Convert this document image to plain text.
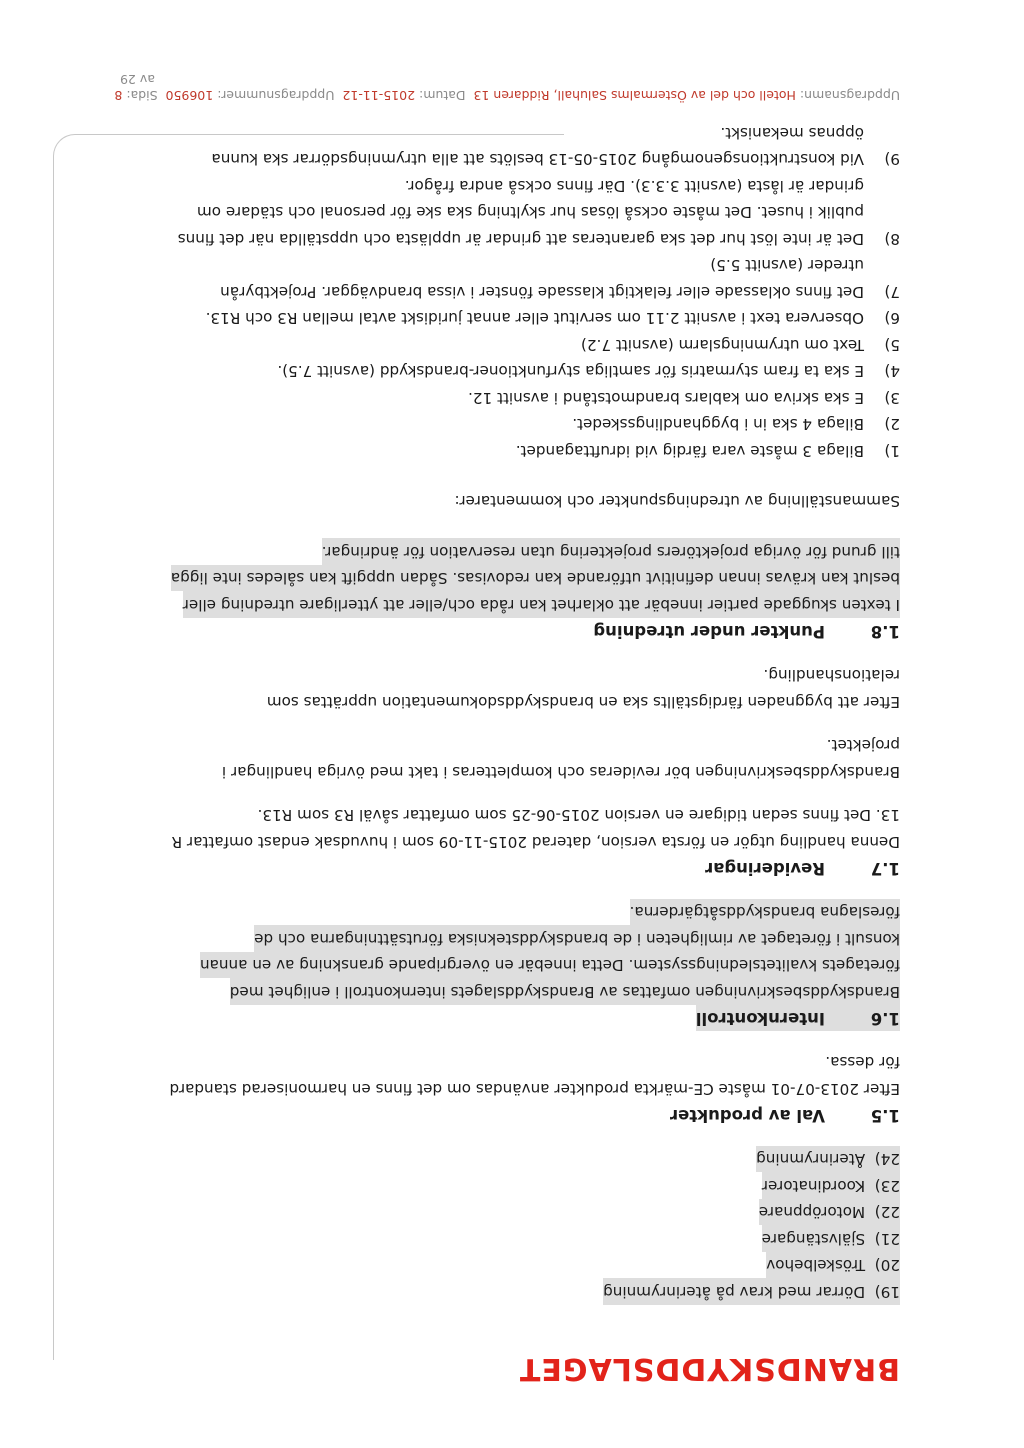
BRANDSKYDDSLAGET
19)  Dörrar med krav på återinrymning
20)  Tröskelbehov
21)  Självstängare
22)  Motoröppnare
23)  Koordinatorer
24)  Återinrymning
1.5
Val av produkter
Efter 2013-07-01 måste CE-märkta produkter användas om det finns en harmoniserad standard för dessa.
1.6
Internkontroll
Brandskyddsbeskrivningen omfattas av Brandskyddslagets internkontroll i enlighet med
företagets kvalitetsledningssystem. Detta innebär en övergripande granskning av en annan
konsult i företaget av rimligheten i de brandskyddstekniska förutsättningarna och de
föreslagna brandskyddsåtgärderna.
1.7
Revideringar
Denna handling utgör en första version, daterad 2015-11-09 som i huvudsak endast omfattar R 13. Det finns sedan tidigare en version 2015-06-25 som omfattar såväl R3 som R13.
Brandskyddsbeskrivningen bör revideras och kompletteras i takt med övriga handlingar i projektet.
Efter att byggnaden färdigställts ska en brandskyddsdokumentation upprättas som relationshandling.
1.8
Punkter under utredning
I texten skuggade partier innebär att oklarhet kan råda och/eller att ytterligare utredning eller
beslut kan krävas innan definitivt utförande kan redovisas. Sådan uppgift kan således inte ligga
till grund för övriga projektörers projektering utan reservation för ändringar.
Sammanställning av utredningspunkter och kommentarer:
1)
Bilaga 3 måste vara färdig vid idrufttagandet.
2)
Bilaga 4 ska in i bygghandlingsskedet.
3)
E ska skriva om kablars brandmotstånd i avsnitt 12.
4)
E ska ta fram styrmatris för samtliga styrfunktioner-brandskydd (avsnitt 7.5).
5)
Text om utrymningslarm (avsnitt 7.2)
6)
Observera text i avsnitt 2.11 om servitut eller annat juridiskt avtal mellan R3 och R13.
7)
Det finns oklassade eller felaktigt klassade fönster i vissa brandväggar. Projektbyrån utreder (avsnitt 5.5)
8)
Det är inte löst hur det ska garanteras att grindar är upplästa och uppställda när det finns publik i huset. Det måste också lösas hur skyltning ska ske för personal och städare om grindar är låsta (avsnitt 3.3.3). Där finns också andra frågor.
9)
Vid konstruktionsgenomgång 2015-05-13 beslöts att alla utrymningsdörrar ska kunna öppnas mekaniskt.
Uppdragsnamn: Hotell och del av Östermalms Saluhall, Riddaren 13  Datum: 2015-11-12  Uppdragsnummer: 106950  Sida: 8
av 29
